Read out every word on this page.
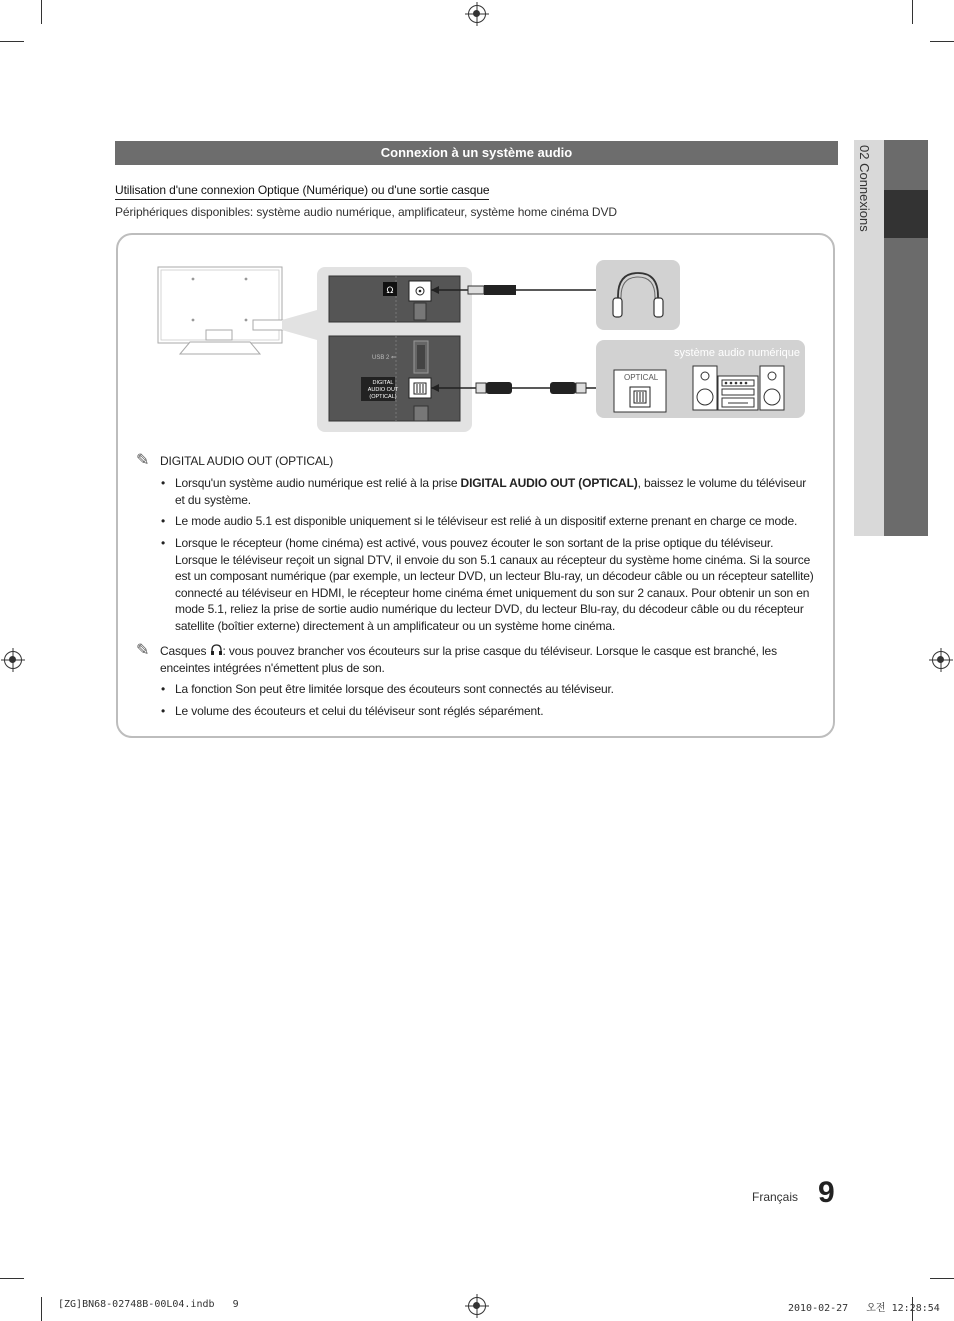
02 Connexions
Connexion à un système audio
Utilisation d'une connexion Optique (Numérique) ou d'une sortie casque
Périphériques disponibles: système audio numérique, amplificateur, système home cinéma DVD
Ω
USB 2 ⇐
DIGITAL
AUDIO OUT
(OPTICAL)
système audio numérique
OPTICAL
✎ DIGITAL AUDIO OUT (OPTICAL)
• Lorsqu'un système audio numérique est relié à la prise DIGITAL AUDIO OUT (OPTICAL), baissez le volume du téléviseur
et du système.
• Le mode audio 5.1 est disponible uniquement si le téléviseur est relié à un dispositif externe prenant en charge ce mode.
• Lorsque le récepteur (home cinéma) est activé, vous pouvez écouter le son sortant de la prise optique du téléviseur.
Lorsque le téléviseur reçoit un signal DTV, il envoie du son 5.1 canaux au récepteur du système home cinéma. Si la source
est un composant numérique (par exemple, un lecteur DVD, un lecteur Blu-ray, un décodeur câble ou un récepteur satellite)
connecté au téléviseur en HDMI, le récepteur home cinéma émet uniquement du son sur 2 canaux. Pour obtenir un son en
mode 5.1, reliez la prise de sortie audio numérique du lecteur DVD, du lecteur Blu-ray, du décodeur câble ou du récepteur
satellite (boîtier externe) directement à un amplificateur ou un système home cinéma.
✎ Casques : vous pouvez brancher vos écouteurs sur la prise casque du téléviseur. Lorsque le casque est branché, les
enceintes intégrées n'émettent plus de son.
• La fonction Son peut être limitée lorsque des écouteurs sont connectés au téléviseur.
• Le volume des écouteurs et celui du téléviseur sont réglés séparément.
Français 9
[ZG]BN68-02748B-00L04.indb   9	2010-02-27   오전 12:28:54
